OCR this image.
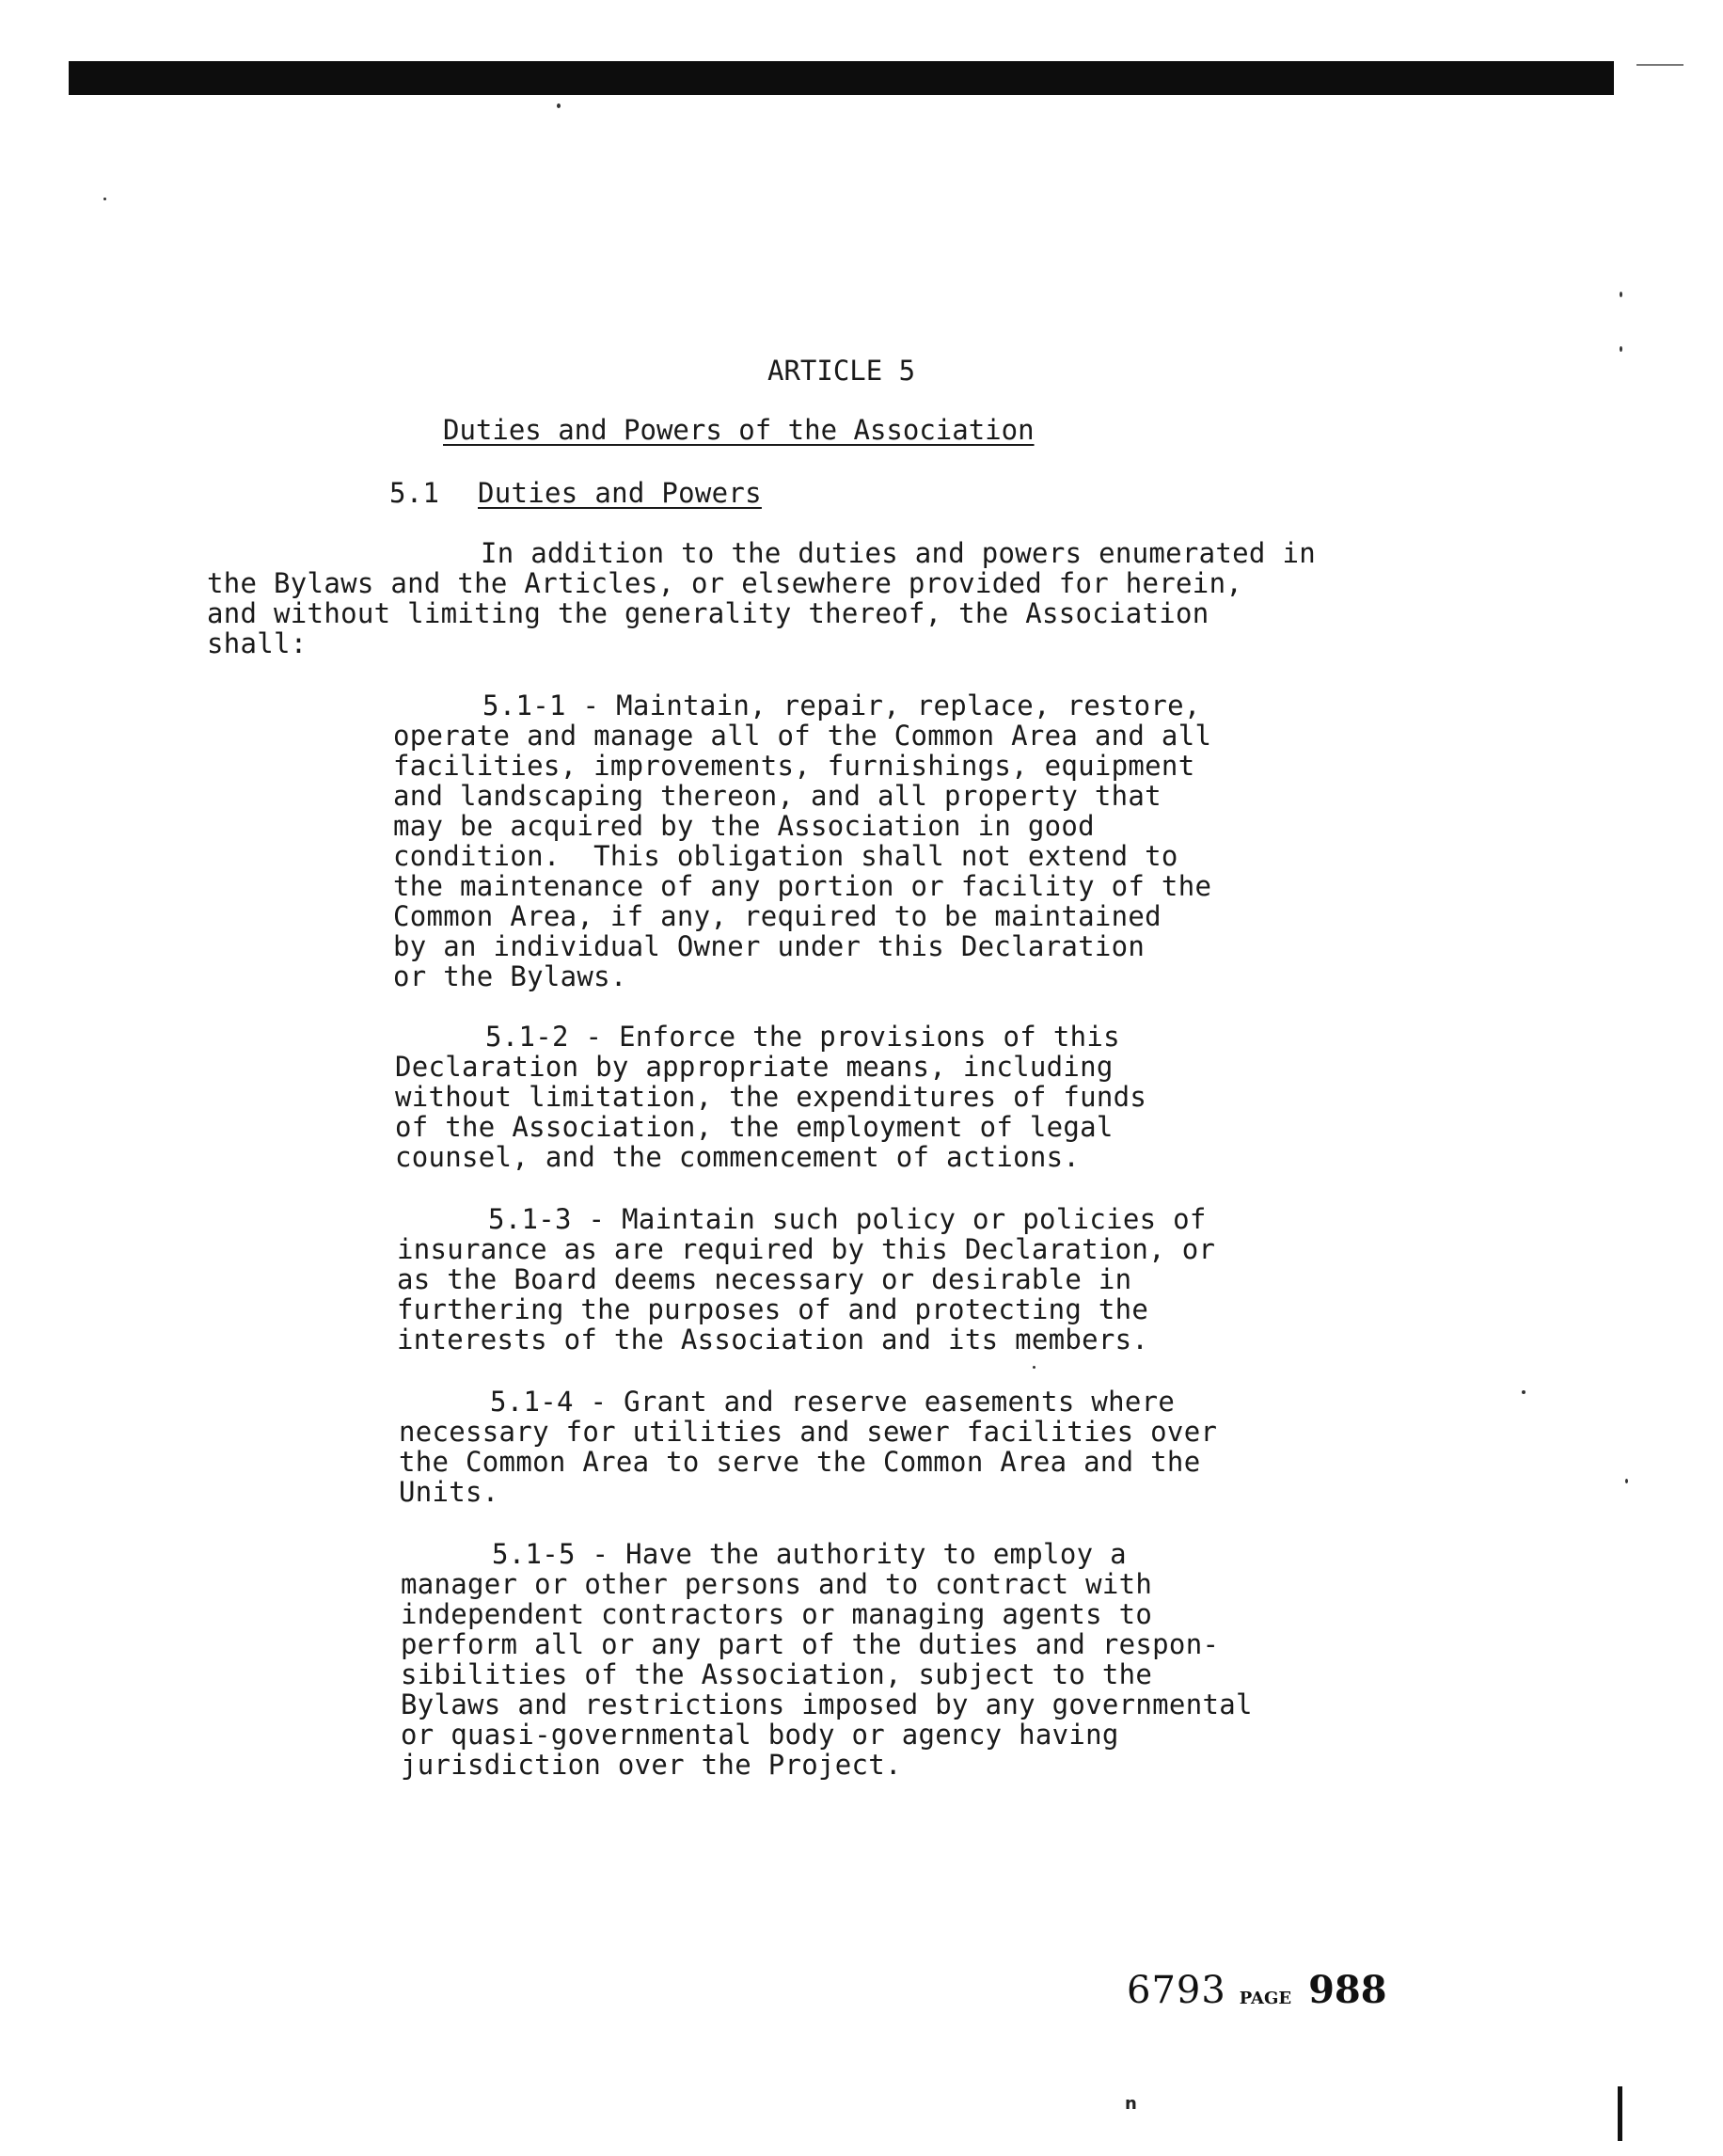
ARTICLE 5
Duties and Powers of the Association
5.1 Duties and Powers
In addition to the duties and powers enumerated in
the Bylaws and the Articles, or elsewhere provided for herein,
and without limiting the generality thereof, the Association
shall:
5.1-1 - Maintain, repair, replace, restore,
operate and manage all of the Common Area and all
facilities, improvements, furnishings, equipment
and landscaping thereon, and all property that
may be acquired by the Association in good
condition.  This obligation shall not extend to
the maintenance of any portion or facility of the
Common Area, if any, required to be maintained
by an individual Owner under this Declaration
or the Bylaws.
5.1-2 - Enforce the provisions of this
Declaration by appropriate means, including
without limitation, the expenditures of funds
of the Association, the employment of legal
counsel, and the commencement of actions.
5.1-3 - Maintain such policy or policies of
insurance as are required by this Declaration, or
as the Board deems necessary or desirable in
furthering the purposes of and protecting the
interests of the Association and its members.
5.1-4 - Grant and reserve easements where
necessary for utilities and sewer facilities over
the Common Area to serve the Common Area and the
Units.
5.1-5 - Have the authority to employ a
manager or other persons and to contract with
independent contractors or managing agents to
perform all or any part of the duties and respon-
sibilities of the Association, subject to the
Bylaws and restrictions imposed by any governmental
or quasi-governmental body or agency having
jurisdiction over the Project.
6793 PAGE 988
n
